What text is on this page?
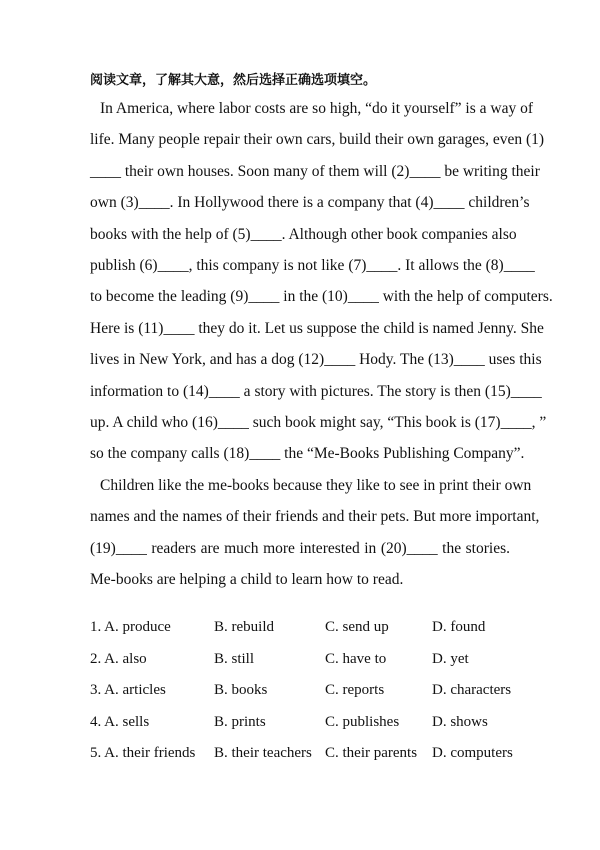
阅读文章，了解其大意，然后选择正确选项填空。

In America, where labor costs are so high, “do it yourself” is a way of
life. Many people repair their own cars, build their own garages, even (1)
____ their own houses. Soon many of them will (2)____ be writing their
own (3)____. In Hollywood there is a company that (4)____ children’s
books with the help of (5)____. Although other book companies also
publish (6)____, this company is not like (7)____. It allows the (8)____
to become the leading (9)____ in the (10)____ with the help of computers.
Here is (11)____ they do it. Let us suppose the child is named Jenny. She
lives in New York, and has a dog (12)____ Hody. The (13)____ uses this
information to (14)____ a story with pictures. The story is then (15)____
up. A child who (16)____ such book might say, “This book is (17)____, ”
so the company calls (18)____ the “Me-Books Publishing Company”.

Children like the me-books because they like to see in print their own
names and the names of their friends and their pets. But more important,
(19)____ readers are much more interested in (20)____ the stories.
Me-books are helping a child to learn how to read.

1. A. produce	B. rebuild	C. send up	D. found
2. A. also	B. still	C. have to	D. yet
3. A. articles	B. books	C. reports	D. characters
4. A. sells	B. prints	C. publishes D. shows
5. A. their friends B. their teachers C. their parents D. computers
